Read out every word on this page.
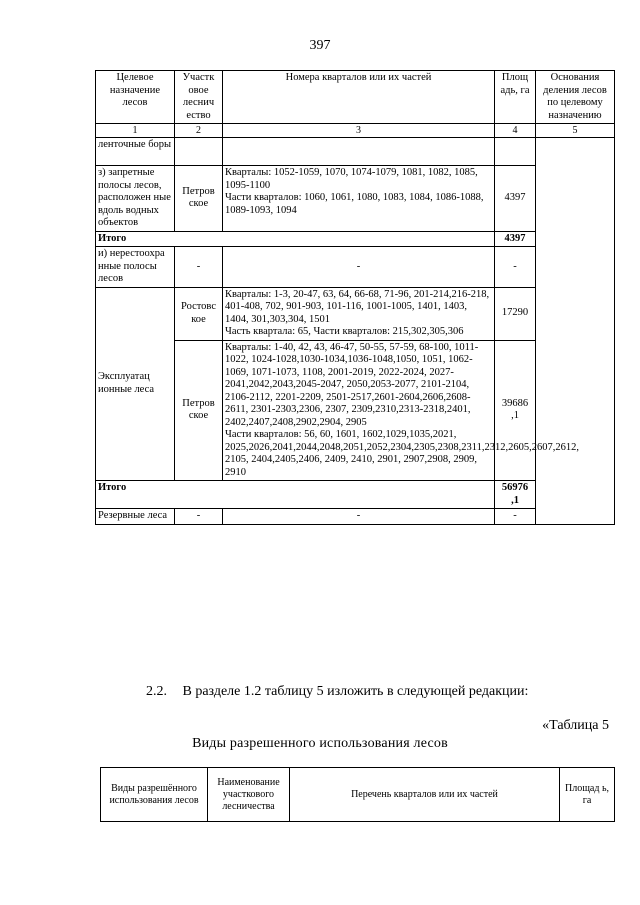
397
Целевое назначение лесов	Участк овое леснич ество	Номера кварталов или их частей	Площ адь, га	Основания деления лесов по целевому назначению
1	2	3	4	5
ленточные боры				
з) запретные полосы лесов, расположен ные вдоль водных объектов	Петров ское	Кварталы: 1052-1059, 1070, 1074-1079, 1081, 1082, 1085, 1095-1100
Части кварталов: 1060, 1061, 1080, 1083, 1084, 1086-1088, 1089-1093, 1094	4397	
Итого			4397	
и) нерестоохра нные полосы лесов	-	-	-	
Эксплуатац ионные леса	Ростовс кое	Кварталы: 1-3, 20-47, 63, 64, 66-68, 71-96, 201-214,216-218, 401-408, 702, 901-903, 101-116, 1001-1005, 1401, 1403, 1404, 301,303,304, 1501
Часть квартала: 65, Части кварталов: 215,302,305,306	17290	
	Петров ское	Кварталы: 1-40, 42, 43, 46-47, 50-55, 57-59, 68-100, 1011-1022, 1024-1028,1030-1034,1036-1048,1050, 1051, 1062-1069, 1071-1073, 1108, 2001-2019, 2022-2024, 2027-2041,2042,2043,2045-2047, 2050,2053-2077, 2101-2104, 2106-2112, 2201-2209, 2501-2517,2601-2604,2606,2608-2611, 2301-2303,2306, 2307, 2309,2310,2313-2318,2401, 2402,2407,2408,2902,2904, 2905
Части кварталов: 56, 60, 1601, 1602,1029,1035,2021, 2025,2026,2041,2044,2048,2051,2052,2304,2305,2308,2311,2312,2605,2607,2612, 2105, 2404,2405,2406, 2409, 2410, 2901, 2907,2908, 2909, 2910	39686 ,1	
Итого			56976 ,1	
Резервные леса	-	-	-	
2.2. В разделе 1.2 таблицу 5 изложить в следующей редакции:
«Таблица 5
Виды разрешенного использования лесов
Виды разрешённого использования лесов	Наименование участкового лесничества	Перечень кварталов или их частей	Площад ь, га
